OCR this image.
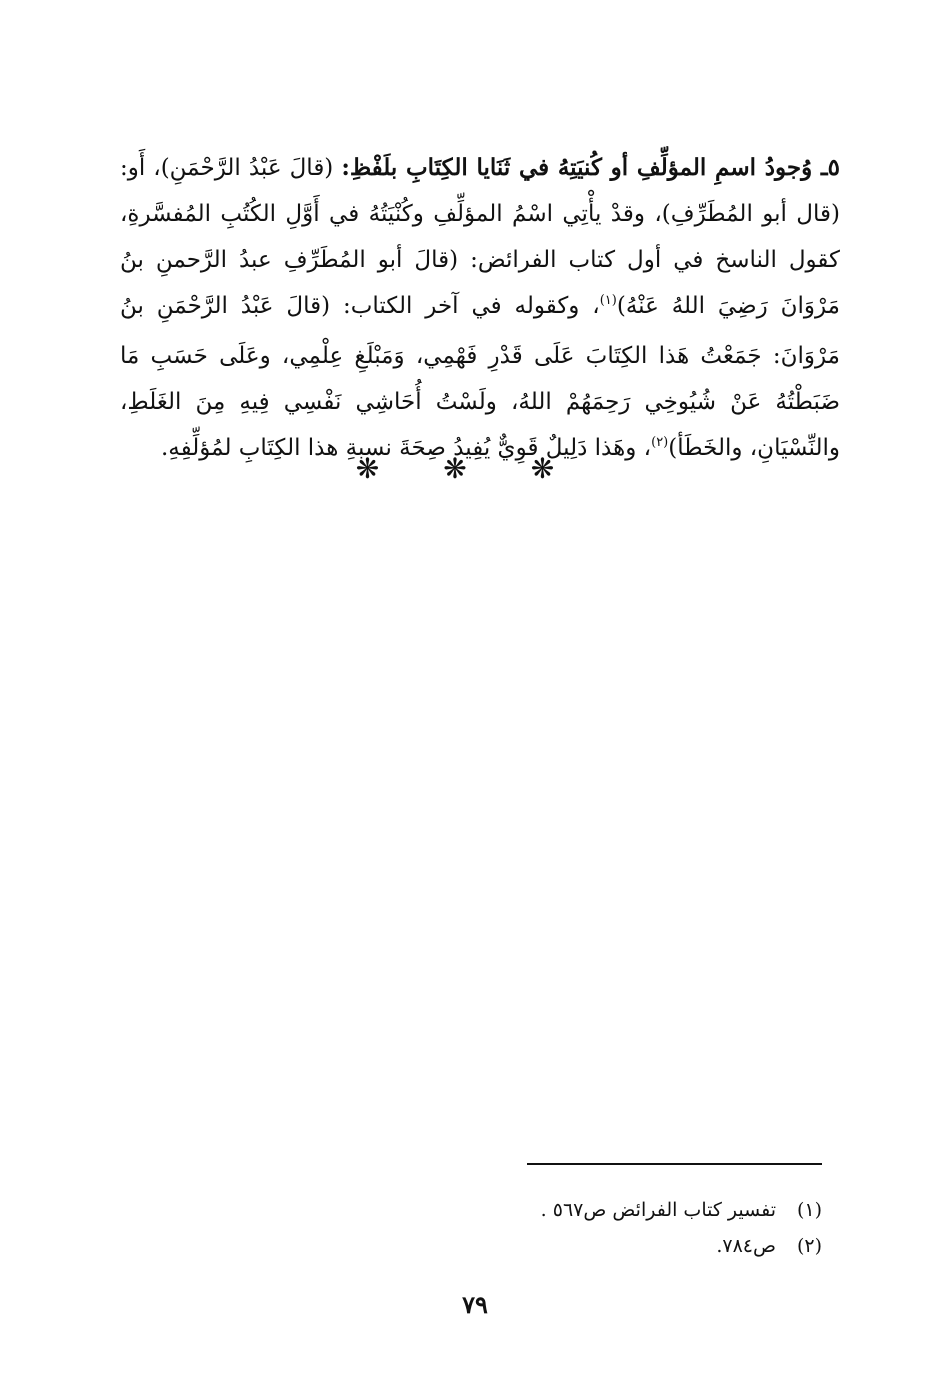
٥ـ وُجودُ اسمِ المؤلِّفِ أو كُنيَتِهُ في ثَنَايا الكِتَابِ بلَفْظِ: (قالَ عَبْدُ الرَّحْمَنِ)، أَو: (قال أبو المُطَرِّفِ)، وقدْ يأْتِي اسْمُ المؤلِّفِ وكُنْيَتُهُ في أَوَّلِ الكُتُبِ المُفسَّرةِ، كقول الناسخ في أول كتاب الفرائض: (قالَ أبو المُطَرِّفِ عبدُ الرَّحمنِ بنُ مَرْوَانَ رَضِيَ اللهُ عَنْهُ)$^{(١)}$، وكقوله في آخر الكتاب: (قالَ عَبْدُ الرَّحْمَنِ بنُ مَرْوَانَ: جَمَعْتُ هَذا الكِتَابَ عَلَى قَدْرِ فَهْمِي، وَمَبْلَغِ عِلْمِي، وعَلَى حَسَبِ مَا ضَبَطْتُهُ عَنْ شُيُوخِي رَحِمَهُمْ اللهُ، ولَسْتُ أُحَاشِي نَفْسِي فِيهِ مِنَ الغَلَطِ، والنِّسْيَانِ، والخَطَأ)$^{(٢)}$، وهَذا دَلِيلٌ قَوِيٌّ يُفِيدُ صِحَةَ نسبةِ هذا الكِتَابِ لمُؤلِّفِهِ.

❋ ❋ ❋
(١)
تفسير كتاب الفرائض ص٥٦٧ .
(٢)
ص٧٨٤.
٧٩
